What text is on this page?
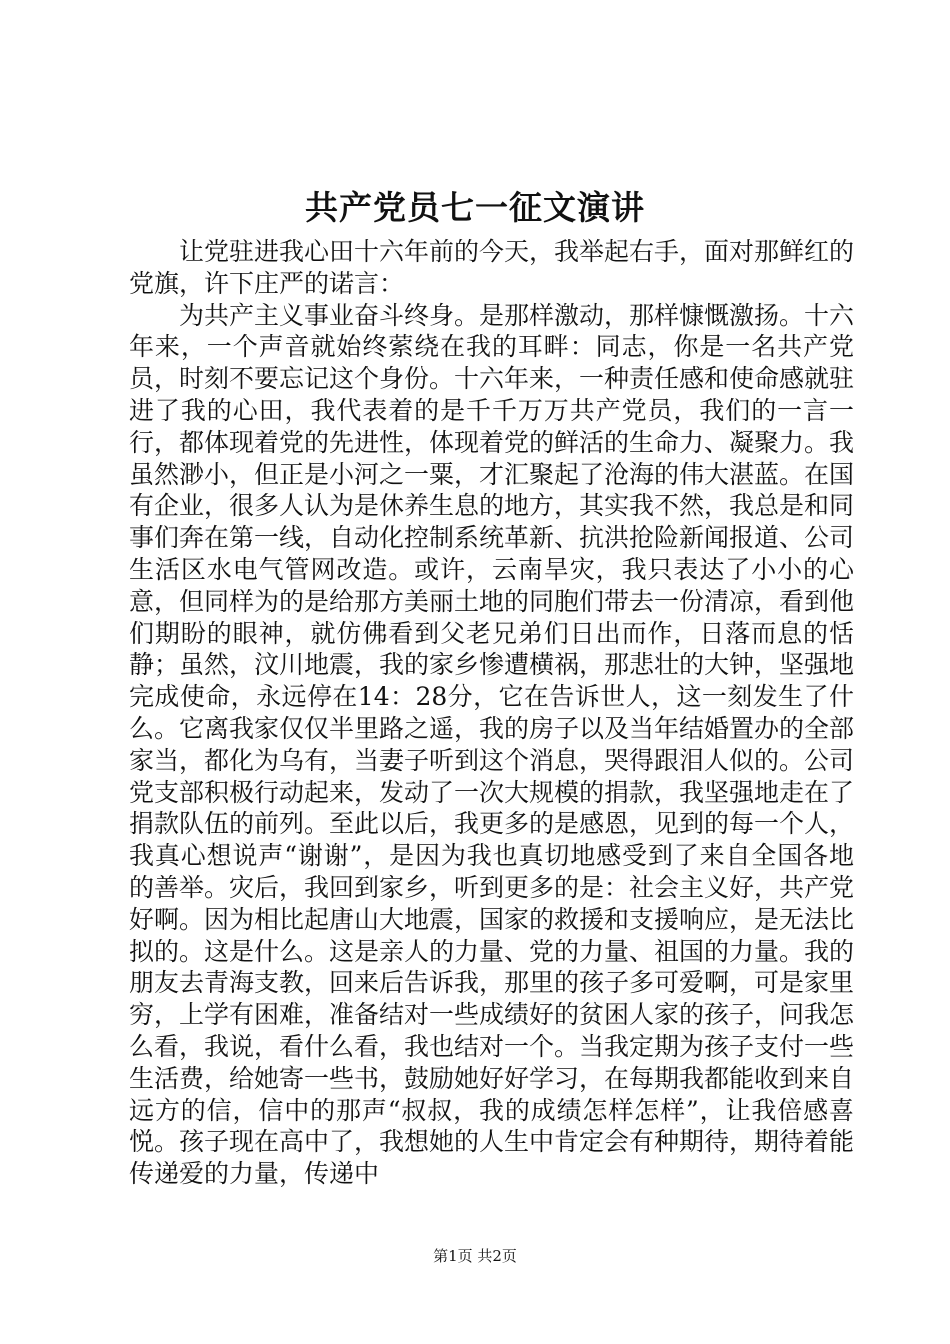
共产党员七一征文演讲

让党驻进我心田十六年前的今天，我举起右手，面对那鲜红的党旗，许下庄严的诺言：

为共产主义事业奋斗终身。是那样激动，那样慷慨激扬。十六年来，一个声音就始终萦绕在我的耳畔：同志，你是一名共产党员，时刻不要忘记这个身份。十六年来，一种责任感和使命感就驻进了我的心田，我代表着的是千千万万共产党员，我们的一言一行，都体现着党的先进性，体现着党的鲜活的生命力、凝聚力。我虽然渺小，但正是小河之一粟，才汇聚起了沧海的伟大湛蓝。在国有企业，很多人认为是休养生息的地方，其实我不然，我总是和同事们奔在第一线，自动化控制系统革新、抗洪抢险新闻报道、公司生活区水电气管网改造。或许，云南旱灾，我只表达了小小的心意，但同样为的是给那方美丽土地的同胞们带去一份清凉，看到他们期盼的眼神，就仿佛看到父老兄弟们日出而作，日落而息的恬静；虽然，汶川地震，我的家乡惨遭横祸，那悲壮的大钟，坚强地完成使命，永远停在14：28分，它在告诉世人，这一刻发生了什么。它离我家仅仅半里路之遥，我的房子以及当年结婚置办的全部家当，都化为乌有，当妻子听到这个消息，哭得跟泪人似的。公司党支部积极行动起来，发动了一次大规模的捐款，我坚强地走在了捐款队伍的前列。至此以后，我更多的是感恩，见到的每一个人，我真心想说声“谢谢”，是因为我也真切地感受到了来自全国各地的善举。灾后，我回到家乡，听到更多的是：社会主义好，共产党好啊。因为相比起唐山大地震，国家的救援和支援响应，是无法比拟的。这是什么。这是亲人的力量、党的力量、祖国的力量。我的朋友去青海支教，回来后告诉我，那里的孩子多可爱啊，可是家里穷，上学有困难，准备结对一些成绩好的贫困人家的孩子，问我怎么看，我说，看什么看，我也结对一个。当我定期为孩子支付一些生活费，给她寄一些书，鼓励她好好学习，在每期我都能收到来自远方的信，信中的那声“叔叔，我的成绩怎样怎样”，让我倍感喜悦。孩子现在高中了，我想她的人生中肯定会有种期待，期待着能传递爱的力量，传递中

第1页 共2页
